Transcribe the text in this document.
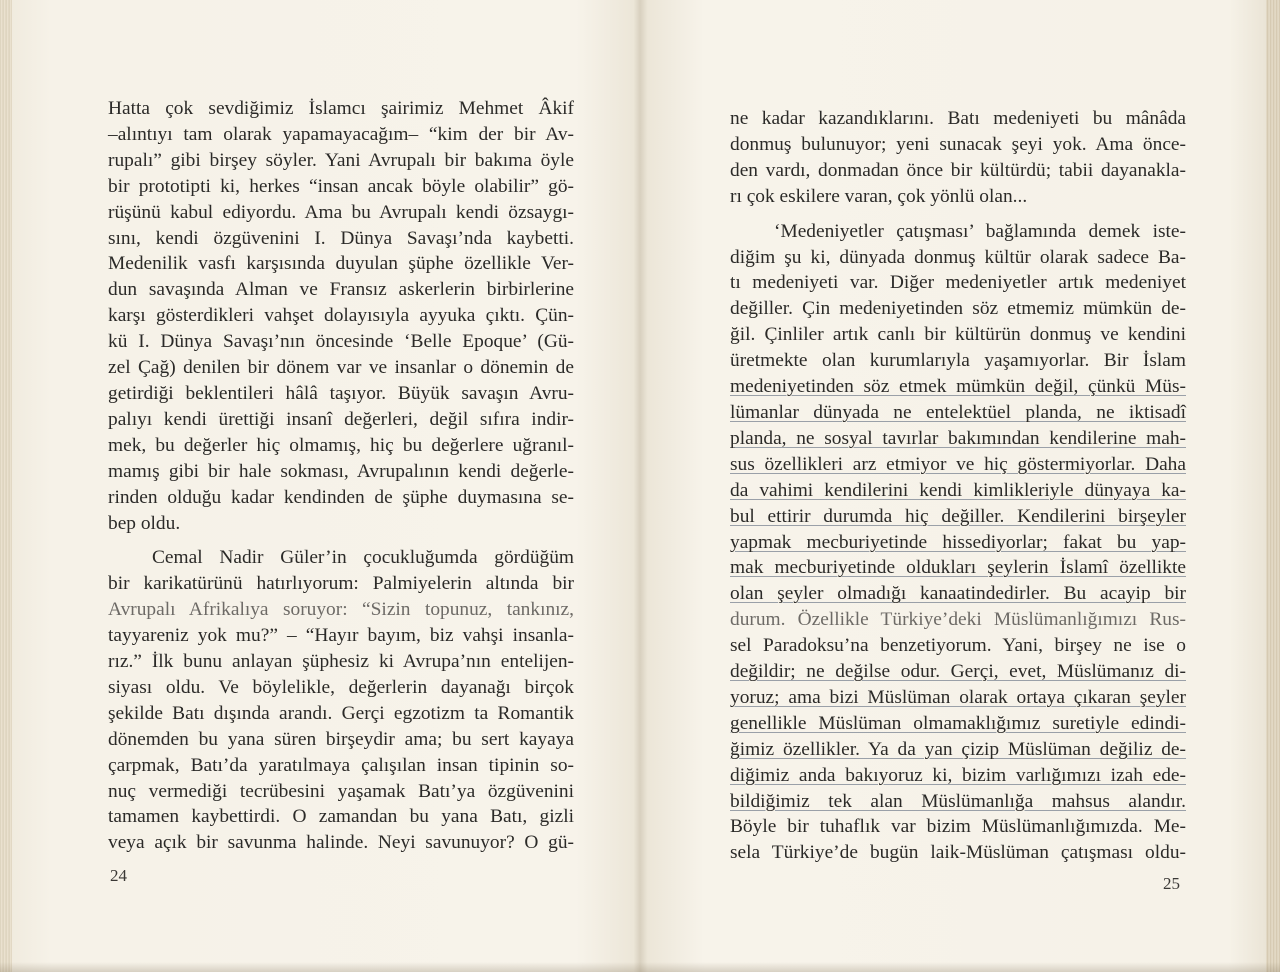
Hatta çok sevdiğimiz İslamcı şairimiz Mehmet Âkif
–alıntıyı tam olarak yapamayacağım– “kim der bir Av-
rupalı” gibi birşey söyler. Yani Avrupalı bir bakıma öyle
bir prototipti ki, herkes “insan ancak böyle olabilir” gö-
rüşünü kabul ediyordu. Ama bu Avrupalı kendi özsaygı-
sını, kendi özgüvenini I. Dünya Savaşı’nda kaybetti.
Medenilik vasfı karşısında duyulan şüphe özellikle Ver-
dun savaşında Alman ve Fransız askerlerin birbirlerine
karşı gösterdikleri vahşet dolayısıyla ayyuka çıktı. Çün-
kü I. Dünya Savaşı’nın öncesinde ‘Belle Epoque’ (Gü-
zel Çağ) denilen bir dönem var ve insanlar o dönemin de
getirdiği beklentileri hâlâ taşıyor. Büyük savaşın Avru-
palıyı kendi ürettiği insanî değerleri, değil sıfıra indir-
mek, bu değerler hiç olmamış, hiç bu değerlere uğranıl-
mamış gibi bir hale sokması, Avrupalının kendi değerle-
rinden olduğu kadar kendinden de şüphe duymasına se-
bep oldu.

Cemal Nadir Güler’in çocukluğumda gördüğüm
bir karikatürünü hatırlıyorum: Palmiyelerin altında bir
Avrupalı Afrikalıya soruyor: “Sizin topunuz, tankınız,
tayyareniz yok mu?” – “Hayır bayım, biz vahşi insanla-
rız.” İlk bunu anlayan şüphesiz ki Avrupa’nın entelijen-
siyası oldu. Ve böylelikle, değerlerin dayanağı birçok
şekilde Batı dışında arandı. Gerçi egzotizm ta Romantik
dönemden bu yana süren birşeydir ama; bu sert kayaya
çarpmak, Batı’da yaratılmaya çalışılan insan tipinin so-
nuç vermediği tecrübesini yaşamak Batı’ya özgüvenini
tamamen kaybettirdi. O zamandan bu yana Batı, gizli
veya açık bir savunma halinde. Neyi savunuyor? O gü-

24

ne kadar kazandıklarını. Batı medeniyeti bu mânâda
donmuş bulunuyor; yeni sunacak şeyi yok. Ama önce-
den vardı, donmadan önce bir kültürdü; tabii dayanakla-
rı çok eskilere varan, çok yönlü olan...

‘Medeniyetler çatışması’ bağlamında demek iste-
diğim şu ki, dünyada donmuş kültür olarak sadece Ba-
tı medeniyeti var. Diğer medeniyetler artık medeniyet
değiller. Çin medeniyetinden söz etmemiz mümkün de-
ğil. Çinliler artık canlı bir kültürün donmuş ve kendini
üretmekte olan kurumlarıyla yaşamıyorlar. Bir İslam
medeniyetinden söz etmek mümkün değil, çünkü Müs-
lümanlar dünyada ne entelektüel planda, ne iktisadî
planda, ne sosyal tavırlar bakımından kendilerine mah-
sus özellikleri arz etmiyor ve hiç göstermiyorlar. Daha
da vahimi kendilerini kendi kimlikleriyle dünyaya ka-
bul ettirir durumda hiç değiller. Kendilerini birşeyler
yapmak mecburiyetinde hissediyorlar; fakat bu yap-
mak mecburiyetinde oldukları şeylerin İslamî özellikte
olan şeyler olmadığı kanaatindedirler. Bu acayip bir
durum. Özellikle Türkiye’deki Müslümanlığımızı Rus-
sel Paradoksu’na benzetiyorum. Yani, birşey ne ise o
değildir; ne değilse odur. Gerçi, evet, Müslümanız di-
yoruz; ama bizi Müslüman olarak ortaya çıkaran şeyler
genellikle Müslüman olmamaklığımız suretiyle edindi-
ğimiz özellikler. Ya da yan çizip Müslüman değiliz de-
diğimiz anda bakıyoruz ki, bizim varlığımızı izah ede-
bildiğimiz tek alan Müslümanlığa mahsus alandır.
Böyle bir tuhaflık var bizim Müslümanlığımızda. Me-
sela Türkiye’de bugün laik-Müslüman çatışması oldu-

25
